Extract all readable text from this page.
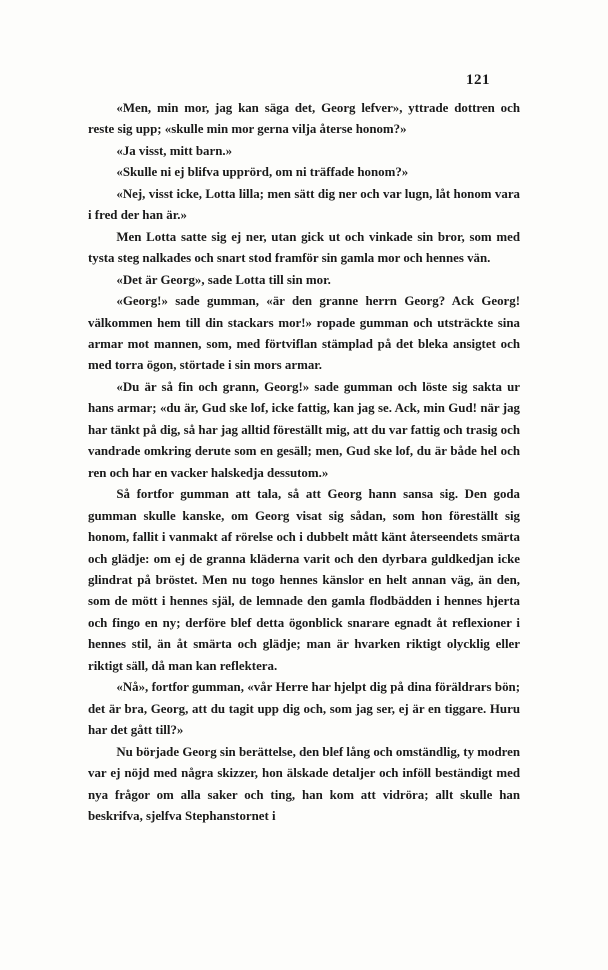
121

«Men, min mor, jag kan säga det, Georg lefver», yttrade dottren och reste sig upp; «skulle min mor gerna vilja återse honom?»

«Ja visst, mitt barn.»

«Skulle ni ej blifva upprörd, om ni träffade honom?»

«Nej, visst icke, Lotta lilla; men sätt dig ner och var lugn, låt honom vara i fred der han är.»

Men Lotta satte sig ej ner, utan gick ut och vinkade sin bror, som med tysta steg nalkades och snart stod framför sin gamla mor och hennes vän.

«Det är Georg», sade Lotta till sin mor.

«Georg!» sade gumman, «är den granne herrn Georg? Ack Georg! välkommen hem till din stackars mor!» ropade gumman och utsträckte sina armar mot mannen, som, med förtviflan stämplad på det bleka ansigtet och med torra ögon, störtade i sin mors armar.

«Du är så fin och grann, Georg!» sade gumman och löste sig sakta ur hans armar; «du är, Gud ske lof, icke fattig, kan jag se. Ack, min Gud! när jag har tänkt på dig, så har jag alltid föreställt mig, att du var fattig och trasig och vandrade omkring derute som en gesäll; men, Gud ske lof, du är både hel och ren och har en vacker halskedja dessutom.»

Så fortfor gumman att tala, så att Georg hann sansa sig. Den goda gumman skulle kanske, om Georg visat sig sådan, som hon föreställt sig honom, fallit i vanmakt af rörelse och i dubbelt mått känt återseendets smärta och glädje: om ej de granna kläderna varit och den dyrbara guldkedjan icke glindrat på bröstet. Men nu togo hennes känslor en helt annan väg, än den, som de mött i hennes själ, de lemnade den gamla flodbädden i hennes hjerta och fingo en ny; derföre blef detta ögonblick snarare egnadt åt reflexioner i hennes stil, än åt smärta och glädje; man är hvarken riktigt olycklig eller riktigt säll, då man kan reflektera.

«Nå», fortfor gumman, «vår Herre har hjelpt dig på dina föräldrars bön; det är bra, Georg, att du tagit upp dig och, som jag ser, ej är en tiggare. Huru har det gått till?»

Nu började Georg sin berättelse, den blef lång och omständlig, ty modren var ej nöjd med några skizzer, hon älskade detaljer och inföll beständigt med nya frågor om alla saker och ting, han kom att vidröra; allt skulle han beskrifva, sjelfva Stephanstornet i
